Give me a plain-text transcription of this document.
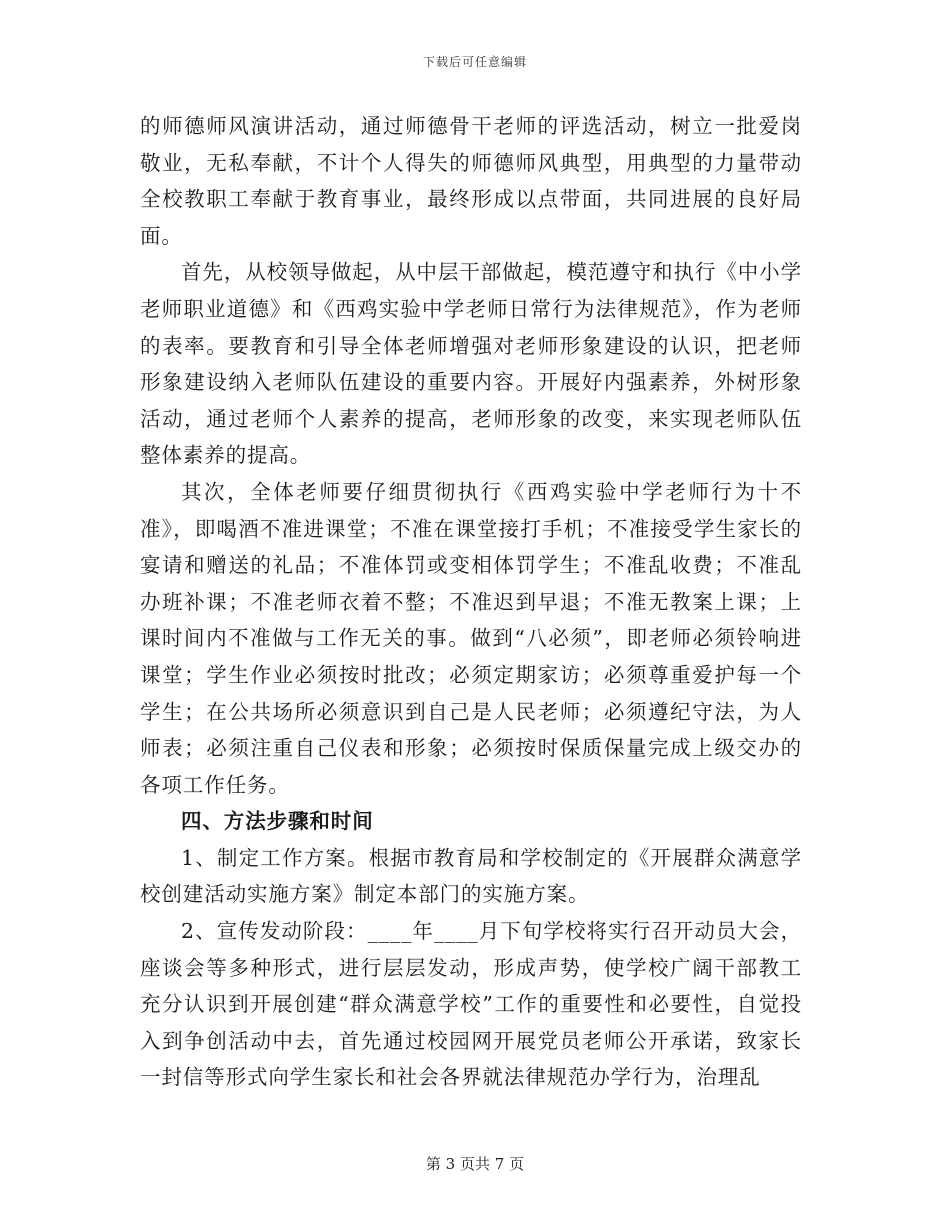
下载后可任意编辑

的师德师风演讲活动，通过师德骨干老师的评选活动，树立一批爱岗敬业，无私奉献，不计个人得失的师德师风典型，用典型的力量带动全校教职工奉献于教育事业，最终形成以点带面，共同进展的良好局面。

首先，从校领导做起，从中层干部做起，模范遵守和执行《中小学老师职业道德》和《西鸡实验中学老师日常行为法律规范》，作为老师的表率。要教育和引导全体老师增强对老师形象建设的认识，把老师形象建设纳入老师队伍建设的重要内容。开展好内强素养，外树形象活动，通过老师个人素养的提高，老师形象的改变，来实现老师队伍整体素养的提高。

其次，全体老师要仔细贯彻执行《西鸡实验中学老师行为十不准》，即喝酒不准进课堂；不准在课堂接打手机；不准接受学生家长的宴请和赠送的礼品；不准体罚或变相体罚学生；不准乱收费；不准乱办班补课；不准老师衣着不整；不准迟到早退；不准无教案上课；上课时间内不准做与工作无关的事。做到“八必须”，即老师必须铃响进课堂；学生作业必须按时批改；必须定期家访；必须尊重爱护每一个学生；在公共场所必须意识到自己是人民老师；必须遵纪守法，为人师表；必须注重自己仪表和形象；必须按时保质保量完成上级交办的各项工作任务。

四、方法步骤和时间

1、制定工作方案。根据市教育局和学校制定的《开展群众满意学校创建活动实施方案》制定本部门的实施方案。

2、宣传发动阶段：____年____月下旬学校将实行召开动员大会，座谈会等多种形式，进行层层发动，形成声势，使学校广阔干部教工充分认识到开展创建“群众满意学校”工作的重要性和必要性，自觉投入到争创活动中去，首先通过校园网开展党员老师公开承诺，致家长一封信等形式向学生家长和社会各界就法律规范办学行为，治理乱

第 3 页共 7 页
